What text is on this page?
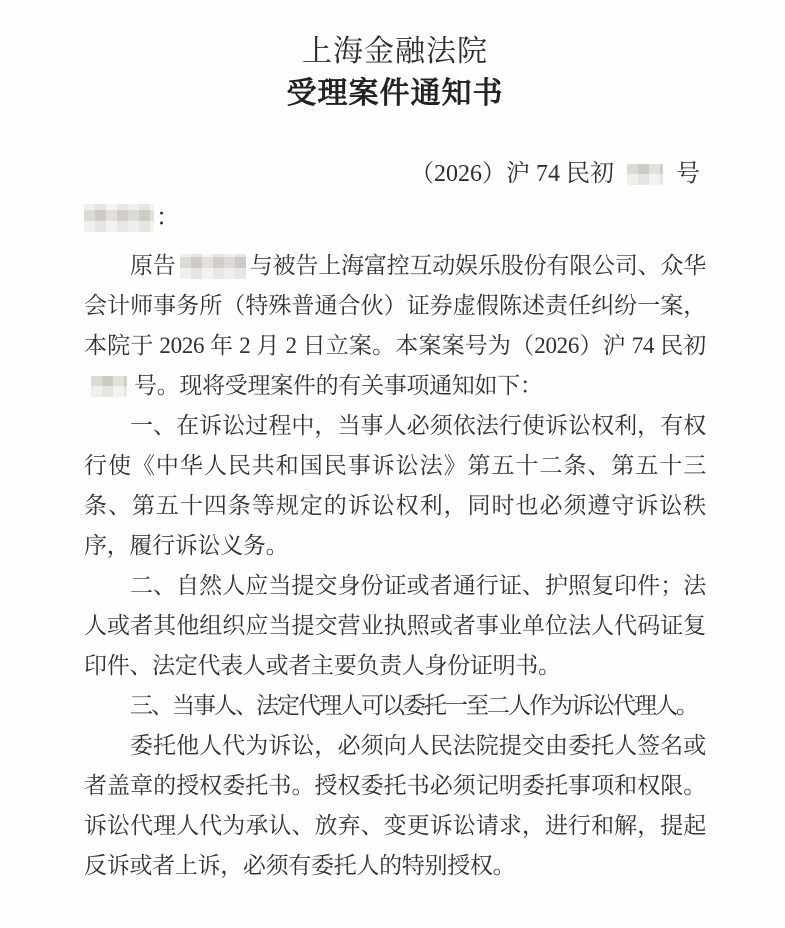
上海金融法院
受理案件通知书
（2026）沪 74 民初	号
：

原告	与被告上海富控互动娱乐股份有限公司、众华会计师事务所（特殊普通合伙）证券虚假陈述责任纠纷一案，本院于 2026 年 2 月 2 日立案。本案案号为（2026）沪 74 民初号。现将受理案件的有关事项通知如下：

一、在诉讼过程中，当事人必须依法行使诉讼权利，有权行使《中华人民共和国民事诉讼法》第五十二条、第五十三条、第五十四条等规定的诉讼权利，同时也必须遵守诉讼秩序，履行诉讼义务。

二、自然人应当提交身份证或者通行证、护照复印件；法人或者其他组织应当提交营业执照或者事业单位法人代码证复印件、法定代表人或者主要负责人身份证明书。

三、当事人、法定代理人可以委托一至二人作为诉讼代理人。

委托他人代为诉讼，必须向人民法院提交由委托人签名或者盖章的授权委托书。授权委托书必须记明委托事项和权限。诉讼代理人代为承认、放弃、变更诉讼请求，进行和解，提起反诉或者上诉，必须有委托人的特别授权。
